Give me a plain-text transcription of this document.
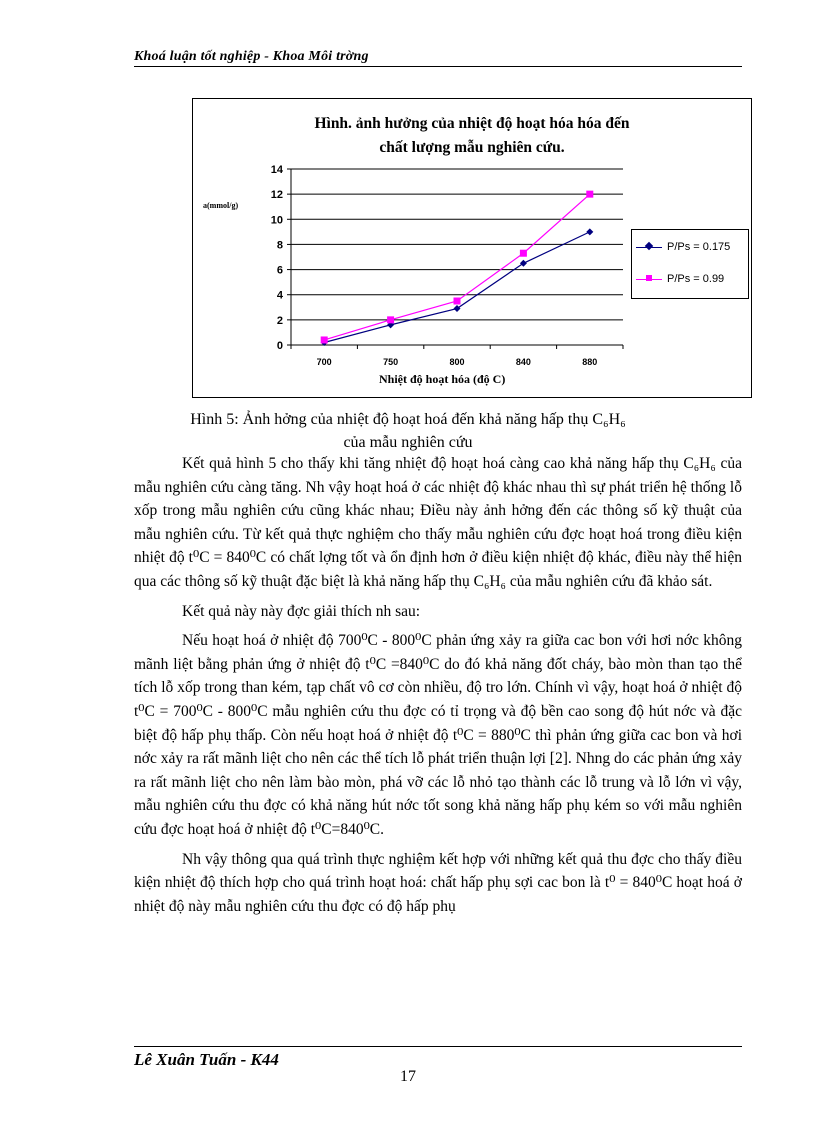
Khoá luận tốt nghiệp - Khoa Môi trờng
Hình. ảnh hưởng của nhiệt độ hoạt hóa hóa đến
chất lượng mẫu nghiên cứu.
a(mmol/g)
0
2
4
6
8
10
12
14
700	750	800	840	880
Nhiệt độ hoạt hóa (độ C)
P/Ps = 0.175
P/Ps = 0.99
Hình 5: Ảnh hởng của nhiệt độ hoạt hoá đến khả năng hấp thụ C₆H₆
của mẫu nghiên cứu

Kết quả hình 5 cho thấy khi tăng nhiệt độ hoạt hoá càng cao khả năng hấp thụ C₆H₆ của mẫu nghiên cứu càng tăng. Nh vậy hoạt hoá ở các nhiệt độ khác nhau thì sự phát triển hệ thống lỗ xốp trong mẫu nghiên cứu cũng khác nhau; Điều này ảnh hởng đến các thông số kỹ thuật của mẫu nghiên cứu. Từ kết quả thực nghiệm cho thấy mẫu nghiên cứu đợc hoạt hoá trong điều kiện nhiệt độ t⁰C = 840⁰C có chất lợng tốt và ổn định hơn ở điều kiện nhiệt độ khác, điều này thể hiện qua các thông số kỹ thuật đặc biệt là khả năng hấp thụ C₆H₆ của mẫu nghiên cứu đã khảo sát.

Kết quả này này đợc giải thích nh sau:

Nếu hoạt hoá ở nhiệt độ 700⁰C - 800⁰C phản ứng xảy ra giữa cac bon với hơi nớc không mãnh liệt bằng phản ứng ở nhiệt độ t⁰C =840⁰C do đó khả năng đốt cháy, bào mòn than tạo thể tích lỗ xốp trong than kém, tạp chất vô cơ còn nhiều, độ tro lớn. Chính vì vậy, hoạt hoá ở nhiệt độ t⁰C = 700⁰C - 800⁰C mẫu nghiên cứu thu đợc có tỉ trọng và độ bền cao song độ hút nớc và đặc biệt độ hấp phụ thấp. Còn nếu hoạt hoá ở nhiệt độ t⁰C = 880⁰C thì phản ứng giữa cac bon và hơi nớc xảy ra rất mãnh liệt cho nên các thể tích lỗ phát triển thuận lợi [2]. Nhng do các phản ứng xảy ra rất mãnh liệt cho nên làm bào mòn, phá vỡ các lỗ nhỏ tạo thành các lỗ trung và lỗ lớn vì vậy, mẫu nghiên cứu thu đợc có khả năng hút nớc tốt song khả năng hấp phụ kém so với mẫu nghiên cứu đợc hoạt hoá ở nhiệt độ t⁰C=840⁰C.

Nh vậy thông qua quá trình thực nghiệm kết hợp với những kết quả thu đợc cho thấy điều kiện nhiệt độ thích hợp cho quá trình hoạt hoá: chất hấp phụ sợi cac bon là t⁰ = 840⁰C hoạt hoá ở nhiệt độ này mẫu nghiên cứu thu đợc có độ hấp phụ

Lê Xuân Tuấn - K44
17
